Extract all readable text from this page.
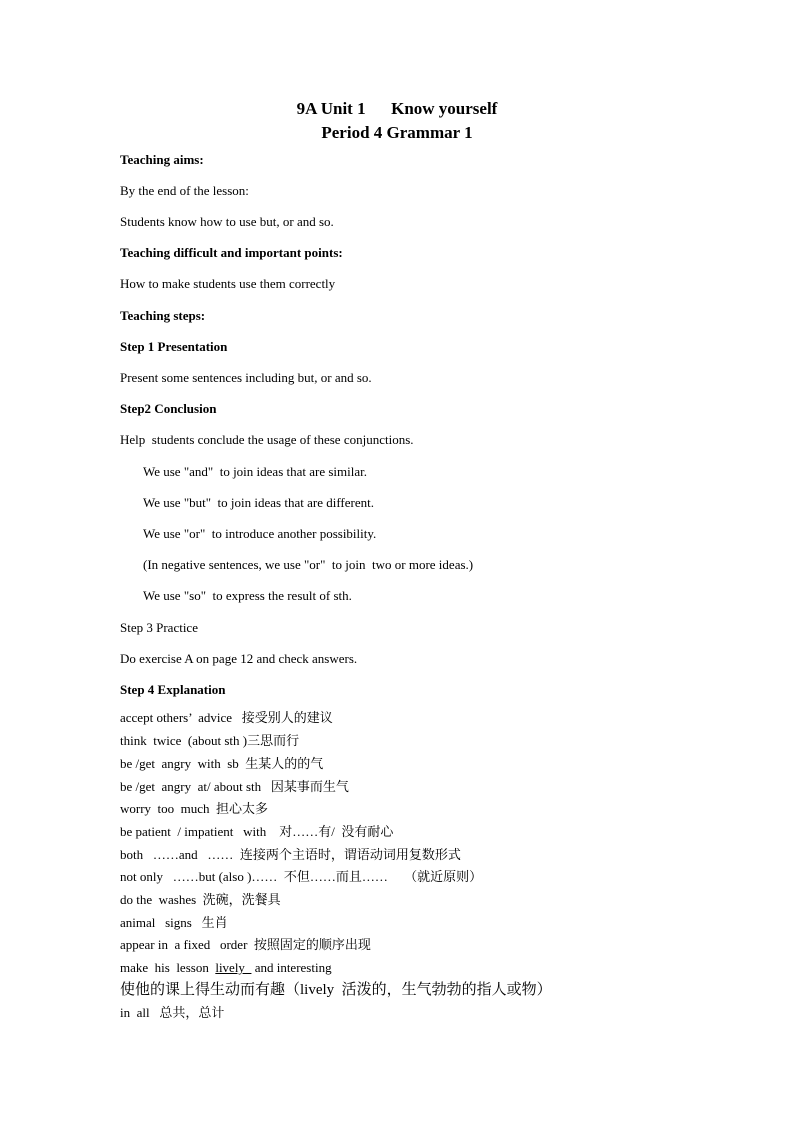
9A Unit 1      Know yourself
Period 4 Grammar 1
Teaching aims:
By the end of the lesson:
Students know how to use but, or and so.
Teaching difficult and important points:
How to make students use them correctly
Teaching steps:
Step 1 Presentation
Present some sentences including but, or and so.
Step2 Conclusion
Help  students conclude the usage of these conjunctions.
We use "and"  to join ideas that are similar.
We use "but"  to join ideas that are different.
We use "or"  to introduce another possibility.
(In negative sentences, we use "or"  to join  two or more ideas.)
We use "so"  to express the result of sth.
Step 3 Practice
Do exercise A on page 12 and check answers.
Step 4 Explanation
accept others’  advice   接受别人的建议
think  twice  (about sth )三思而行
be /get  angry  with  sb  生某人的的气
be /get  angry  at/ about sth   因某事而生气
worry  too  much  担心太多
be patient  / impatient   with    对……有/  没有耐心
both   ……and   ……  连接两个主语时，谓语动词用复数形式
not only   ……but (also )……  不但……而且……     （就近原则）
do the  washes  洗碗，洗餐具
animal   signs   生肖
appear in  a fixed   order  按照固定的顺序出现
make  his  lesson  lively   and interesting
使他的课上得生动而有趣（lively  活泼的，生气勃勃的指人或物）
in  all   总共，总计
